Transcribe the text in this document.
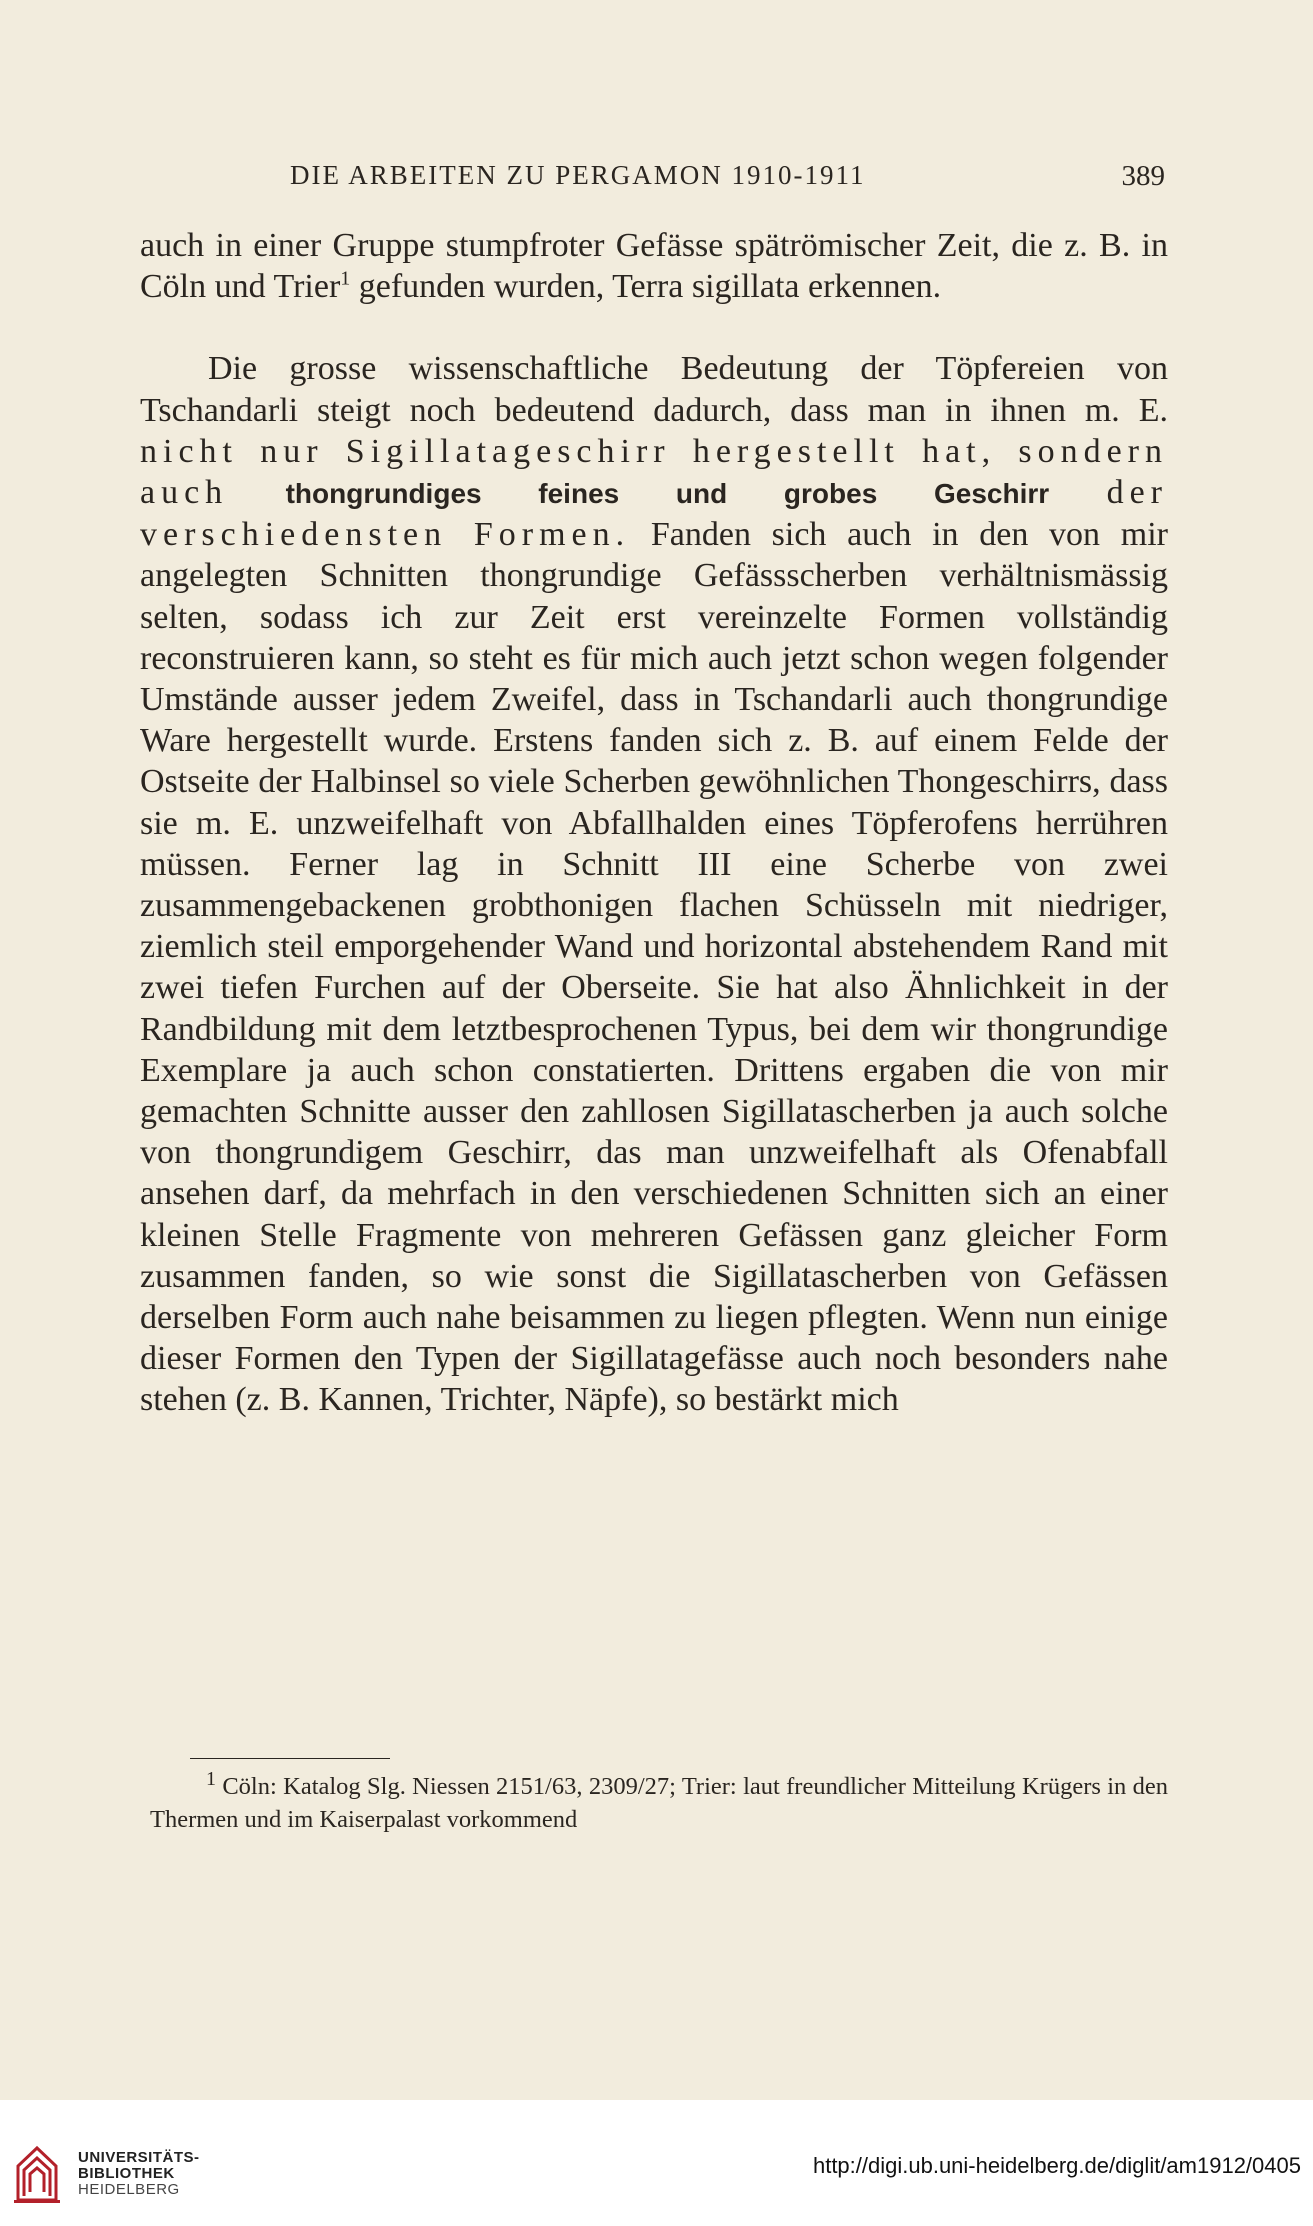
DIE ARBEITEN ZU PERGAMON 1910-1911	389

auch in einer Gruppe stumpfroter Gefässe spätrömischer Zeit, die z. B. in Cöln und Trier$^1$ gefunden wurden, Terra sigillata erkennen.

Die grosse wissenschaftliche Bedeutung der Töpfereien von Tschandarli steigt noch bedeutend dadurch, dass man in ihnen m. E. nicht nur Sigillatageschirr hergestellt hat, sondern auch thongrundiges feines und grobes Geschirr der verschiedensten Formen. Fanden sich auch in den von mir angelegten Schnitten thongrundige Gefässscherben verhältnismässig selten, sodass ich zur Zeit erst vereinzelte Formen vollständig reconstruieren kann, so steht es für mich auch jetzt schon wegen folgender Umstände ausser jedem Zweifel, dass in Tschandarli auch thongrundige Ware hergestellt wurde. Erstens fanden sich z. B. auf einem Felde der Ostseite der Halbinsel so viele Scherben gewöhnlichen Thongeschirrs, dass sie m. E. unzweifelhaft von Abfallhalden eines Töpferofens herrühren müssen. Ferner lag in Schnitt III eine Scherbe von zwei zusammengebackenen grobthonigen flachen Schüsseln mit niedriger, ziemlich steil emporgehender Wand und horizontal abstehendem Rand mit zwei tiefen Furchen auf der Oberseite. Sie hat also Ähnlichkeit in der Randbildung mit dem letztbesprochenen Typus, bei dem wir thongrundige Exemplare ja auch schon constatierten. Drittens ergaben die von mir gemachten Schnitte ausser den zahllosen Sigillatascherben ja auch solche von thongrundigem Geschirr, das man unzweifelhaft als Ofenabfall ansehen darf, da mehrfach in den verschiedenen Schnitten sich an einer kleinen Stelle Fragmente von mehreren Gefässen ganz gleicher Form zusammen fanden, so wie sonst die Sigillatascherben von Gefässen derselben Form auch nahe beisammen zu liegen pflegten. Wenn nun einige dieser Formen den Typen der Sigillatagefässe auch noch besonders nahe stehen (z. B. Kannen, Trichter, Näpfe), so bestärkt mich

$^1$ Cöln: Katalog Slg. Niessen 2151/63, 2309/27; Trier: laut freundlicher Mitteilung Krügers in den Thermen und im Kaiserpalast vorkommend
UNIVERSITÄTS-
BIBLIOTHEK
HEIDELBERG
http://digi.ub.uni-heidelberg.de/diglit/am1912/0405
